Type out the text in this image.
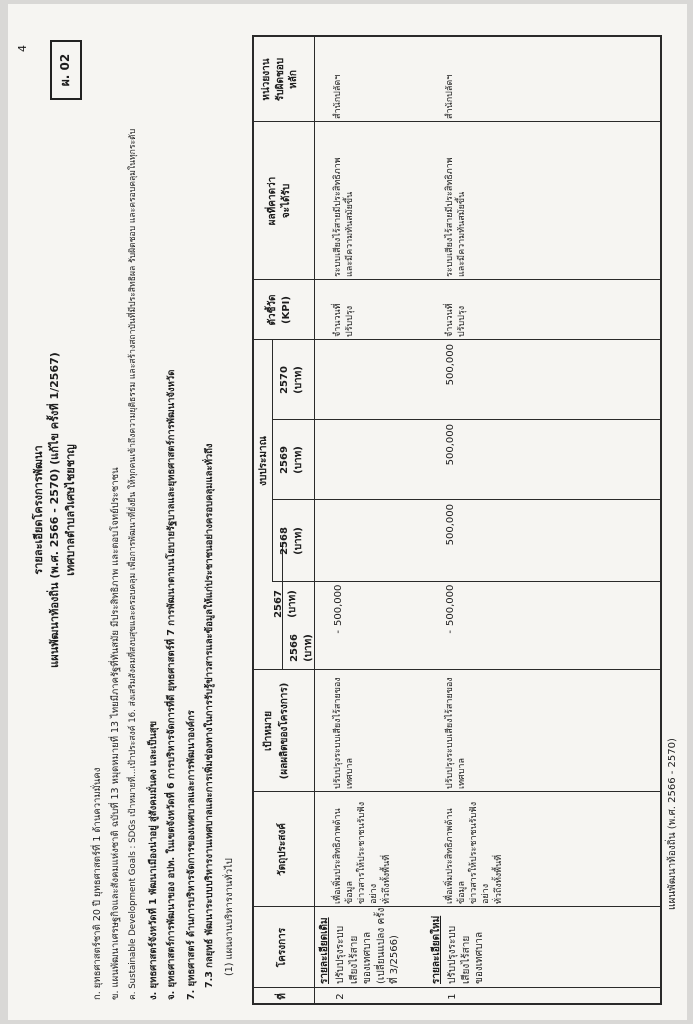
ผ. 02
4
รายละเอียดโครงการพัฒนา แผนพัฒนาท้องถิ่น (พ.ศ. 2566 - 2570) (แก้ไข ครั้งที่ 1/2567) เทศบาลตำบลวิเศษไชยชาญ
ก. ยุทธศาสตร์ชาติ 20 ปี ยุทธศาสตร์ที่ 1 ด้านความมั่นคง ข. แผนพัฒนาเศรษฐกิจและสังคมแห่งชาติ ฉบับที่ 13 หมุดหมายที่ 13 ไทยมีภาครัฐที่ทันสมัย มีประสิทธิภาพ และตอบโจทย์ประชาชน ค. Sustainable Development Goals : SDGs เป้าหมายที่...เป้าประสงค์ 16. ส่งเสริมสังคมที่สงบสุขและครอบคลุม เพื่อการพัฒนาที่ยั่งยืน ให้ทุกคนเข้าถึงความยุติธรรม และสร้างสถาบันที่มีประสิทธิผล รับผิดชอบ และครอบคลุมในทุกระดับ ง. ยุทธศาสตร์จังหวัดที่ 1 พัฒนาเมืองน่าอยู่ สู่สังคมมั่นคง และเป็นสุข จ. ยุทธศาสตร์การพัฒนาของ อปท. ในเขตจังหวัดที่ 6 การบริหารจัดการที่ดี ยุทธศาสตร์ที่ 7 การพัฒนาตามนโยบายรัฐบาลและยุทธศาสตร์การพัฒนาจังหวัด 7. ยุทธศาสตร์ ด้านการบริหารจัดการของเทศบาลและการพัฒนาองค์กร 7.3 กลยุทธ์ พัฒนาระบบบริหารงานเทศบาลและการเพิ่มช่องทางในการรับรู้ข่าวสารและข้อมูลให้แก่ประชาชนอย่างครอบคลุมและทั่วถึง (1) แผนงานบริหารงานทั่วไป
ที่
โครงการ
วัตถุประสงค์
เป้าหมาย (ผลผลิตของโครงการ)
งบประมาณ
2566 (บาท)
2567 (บาท)
2568 (บาท)
2569 (บาท)
2570 (บาท)
ตัวชี้วัด (KPI)
ผลที่คาดว่า จะได้รับ
หน่วยงาน รับผิดชอบ หลัก
รายละเอียดเดิม
2
ปรับปรุงระบบเสียงไร้สาย ของเทศบาล (เปลี่ยนแปลง ครั้งที่ 3/2566)
เพื่อเพิ่มประสิทธิภาพด้านข้อมูล ข่าวสารให้ประชาชนรับฟังอย่าง ทั่วถึงทั้งพื้นที่
ปรับปรุงระบบเสียงไร้สายของ เทศบาล
-
500,000
จำนวนที่ ปรับปรุง
ระบบเสียงไร้สายมีประสิทธิภาพ และมีความทันสมัยขึ้น
สำนักปลัดฯ
รายละเอียดใหม่
1
ปรับปรุงระบบเสียงไร้สาย ของเทศบาล
เพื่อเพิ่มประสิทธิภาพด้านข้อมูล ข่าวสารให้ประชาชนรับฟังอย่าง ทั่วถึงทั้งพื้นที่
ปรับปรุงระบบเสียงไร้สายของ เทศบาล
-
500,000
500,000
500,000
500,000
จำนวนที่ ปรับปรุง
ระบบเสียงไร้สายมีประสิทธิภาพ และมีความทันสมัยขึ้น
สำนักปลัดฯ
แผนพัฒนาท้องถิ่น (พ.ศ. 2566 - 2570)
